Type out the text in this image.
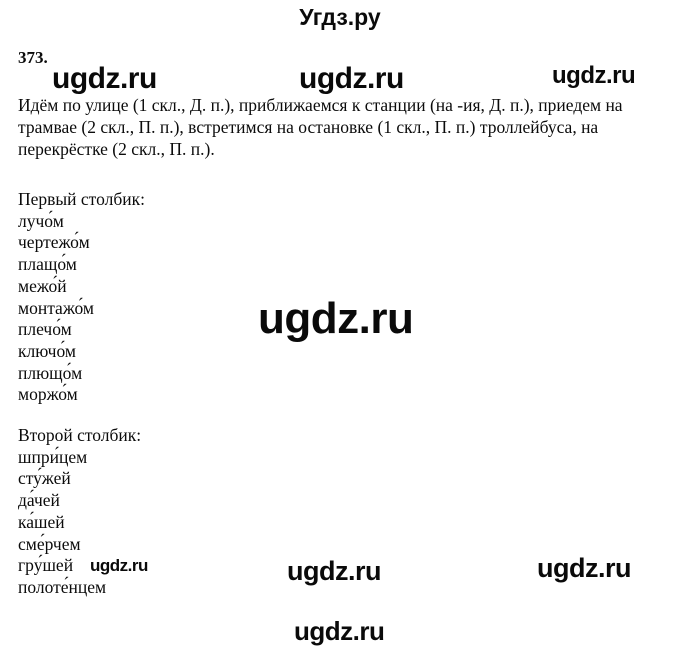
Угдз.ру
373.
ugdz.ru	ugdz.ru	ugdz.ru

Идём по улице (1 скл., Д. п.), приближаемся к станции (на -ия, Д. п.), приедем на трамвае (2 скл., П. п.), встретимся на остановке (1 скл., П. п.) троллейбуса, на перекрёстке (2 скл., П. п.).

Первый столбик:
лучо́м
чертежо́м
плащо́м
межо́й
монтажо́м
плечо́м
ключо́м
плющо́м
моржо́м
ugdz.ru
Второй столбик:
шпри́цем
сту́жей
да́чей
ка́шей
сме́рчем
гру́шей
полоте́нцем
ugdz.ru	ugdz.ru	ugdz.ru
ugdz.ru
